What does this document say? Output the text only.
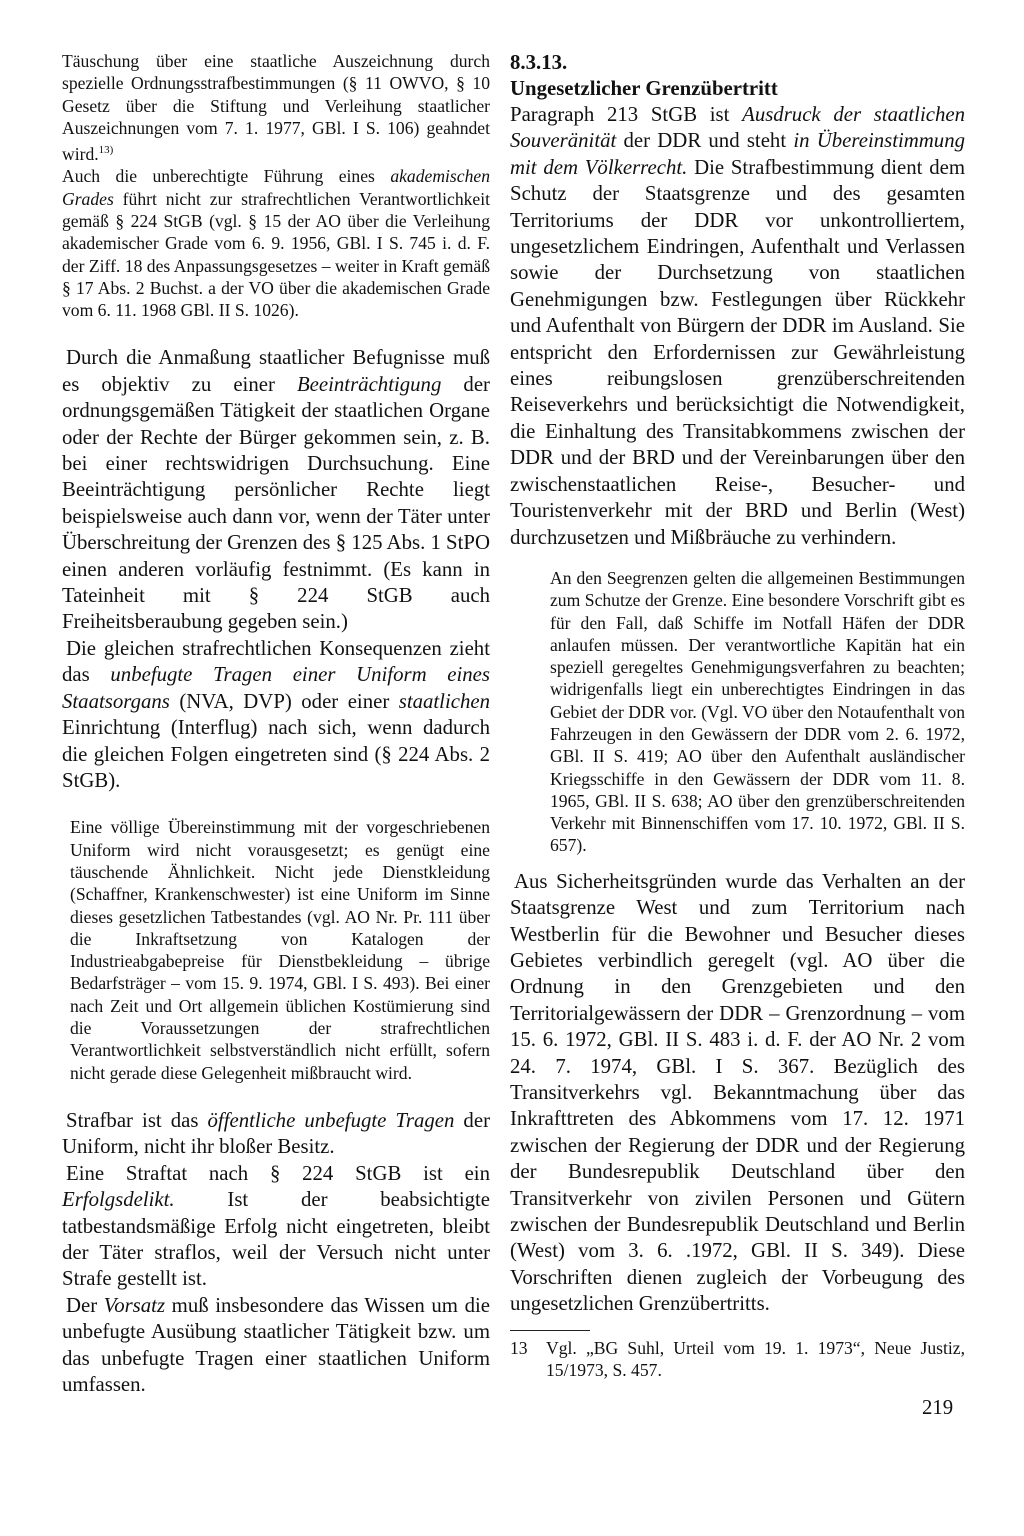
Täuschung über eine staatliche Auszeichnung durch spezielle Ordnungsstrafbestimmungen (§ 11 OWVO, § 10 Gesetz über die Stiftung und Verleihung staatlicher Auszeichnungen vom 7. 1. 1977, GBl. I S. 106) geahndet wird.$^{13)}$

Auch die unberechtigte Führung eines akademischen Grades führt nicht zur strafrechtlichen Verantwortlichkeit gemäß § 224 StGB (vgl. § 15 der AO über die Verleihung akademischer Grade vom 6. 9. 1956, GBl. I S. 745 i. d. F. der Ziff. 18 des Anpassungsgesetzes – weiter in Kraft gemäß § 17 Abs. 2 Buchst. a der VO über die akademischen Grade vom 6. 11. 1968 GBl. II S. 1026).

Durch die Anmaßung staatlicher Befugnisse muß es objektiv zu einer Beeinträchtigung der ordnungsgemäßen Tätigkeit der staatlichen Organe oder der Rechte der Bürger gekommen sein, z. B. bei einer rechtswidrigen Durchsuchung. Eine Beeinträchtigung persönlicher Rechte liegt beispielsweise auch dann vor, wenn der Täter unter Überschreitung der Grenzen des § 125 Abs. 1 StPO einen anderen vorläufig festnimmt. (Es kann in Tateinheit mit § 224 StGB auch Freiheitsberaubung gegeben sein.)

Die gleichen strafrechtlichen Konsequenzen zieht das unbefugte Tragen einer Uniform eines Staatsorgans (NVA, DVP) oder einer staatlichen Einrichtung (Interflug) nach sich, wenn dadurch die gleichen Folgen eingetreten sind (§ 224 Abs. 2 StGB).

Eine völlige Übereinstimmung mit der vorgeschriebenen Uniform wird nicht vorausgesetzt; es genügt eine täuschende Ähnlichkeit. Nicht jede Dienstkleidung (Schaffner, Krankenschwester) ist eine Uniform im Sinne dieses gesetzlichen Tatbestandes (vgl. AO Nr. Pr. 111 über die Inkraftsetzung von Katalogen der Industrieabgabepreise für Dienstbekleidung – übrige Bedarfsträger – vom 15. 9. 1974, GBl. I S. 493). Bei einer nach Zeit und Ort allgemein üblichen Kostümierung sind die Voraussetzungen der strafrechtlichen Verantwortlichkeit selbstverständlich nicht erfüllt, sofern nicht gerade diese Gelegenheit mißbraucht wird.

Strafbar ist das öffentliche unbefugte Tragen der Uniform, nicht ihr bloßer Besitz.

Eine Straftat nach § 224 StGB ist ein Erfolgsdelikt. Ist der beabsichtigte tatbestandsmäßige Erfolg nicht eingetreten, bleibt der Täter straflos, weil der Versuch nicht unter Strafe gestellt ist.

Der Vorsatz muß insbesondere das Wissen um die unbefugte Ausübung staatlicher Tätigkeit bzw. um das unbefugte Tragen einer staatlichen Uniform umfassen.

8.3.13.
Ungesetzlicher Grenzübertritt

Paragraph 213 StGB ist Ausdruck der staatlichen Souveränität der DDR und steht in Übereinstimmung mit dem Völkerrecht. Die Strafbestimmung dient dem Schutz der Staatsgrenze und des gesamten Territoriums der DDR vor unkontrolliertem, ungesetzlichem Eindringen, Aufenthalt und Verlassen sowie der Durchsetzung von staatlichen Genehmigungen bzw. Festlegungen über Rückkehr und Aufenthalt von Bürgern der DDR im Ausland. Sie entspricht den Erfordernissen zur Gewährleistung eines reibungslosen grenzüberschreitenden Reiseverkehrs und berücksichtigt die Notwendigkeit, die Einhaltung des Transitabkommens zwischen der DDR und der BRD und der Vereinbarungen über den zwischenstaatlichen Reise-, Besucher- und Touristenverkehr mit der BRD und Berlin (West) durchzusetzen und Mißbräuche zu verhindern.

An den Seegrenzen gelten die allgemeinen Bestimmungen zum Schutze der Grenze. Eine besondere Vorschrift gibt es für den Fall, daß Schiffe im Notfall Häfen der DDR anlaufen müssen. Der verantwortliche Kapitän hat ein speziell geregeltes Genehmigungsverfahren zu beachten; widrigenfalls liegt ein unberechtigtes Eindringen in das Gebiet der DDR vor. (Vgl. VO über den Notaufenthalt von Fahrzeugen in den Gewässern der DDR vom 2. 6. 1972, GBl. II S. 419; AO über den Aufenthalt ausländischer Kriegsschiffe in den Gewässern der DDR vom 11. 8. 1965, GBl. II S. 638; AO über den grenzüberschreitenden Verkehr mit Binnenschiffen vom 17. 10. 1972, GBl. II S. 657).

Aus Sicherheitsgründen wurde das Verhalten an der Staatsgrenze West und zum Territorium nach Westberlin für die Bewohner und Besucher dieses Gebietes verbindlich geregelt (vgl. AO über die Ordnung in den Grenzgebieten und den Territorialgewässern der DDR – Grenzordnung – vom 15. 6. 1972, GBl. II S. 483 i. d. F. der AO Nr. 2 vom 24. 7. 1974, GBl. I S. 367. Bezüglich des Transitverkehrs vgl. Bekanntmachung über das Inkrafttreten des Abkommens vom 17. 12. 1971 zwischen der Regierung der DDR und der Regierung der Bundesrepublik Deutschland über den Transitverkehr von zivilen Personen und Gütern zwischen der Bundesrepublik Deutschland und Berlin (West) vom 3. 6. .1972, GBl. II S. 349). Diese Vorschriften dienen zugleich der Vorbeugung des ungesetzlichen Grenzübertritts.

13	Vgl. „BG Suhl, Urteil vom 19. 1. 1973“, Neue Justiz, 15/1973, S. 457.
219
